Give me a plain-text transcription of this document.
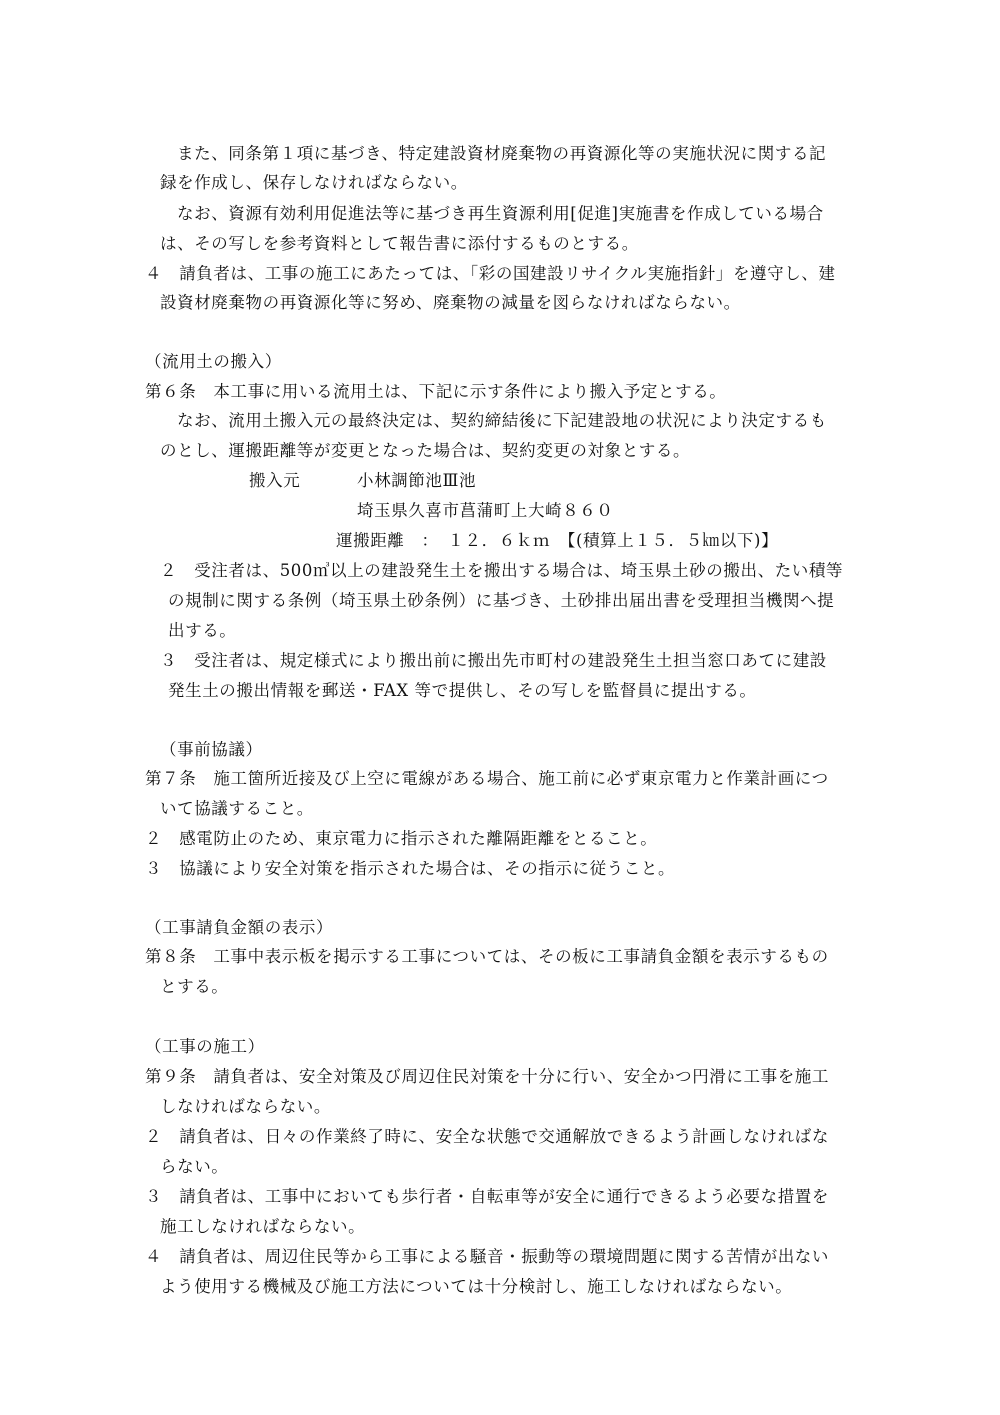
また、同条第１項に基づき、特定建設資材廃棄物の再資源化等の実施状況に関する記

録を作成し、保存しなければならない。

なお、資源有効利用促進法等に基づき再生資源利用[促進]実施書を作成している場合

は、その写しを参考資料として報告書に添付するものとする。

４　請負者は、工事の施工にあたっては、「彩の国建設リサイクル実施指針」を遵守し、建

設資材廃棄物の再資源化等に努め、廃棄物の減量を図らなければならない。

（流用土の搬入）

第６条　本工事に用いる流用土は、下記に示す条件により搬入予定とする。

なお、流用土搬入元の最終決定は、契約締結後に下記建設地の状況により決定するも

のとし、運搬距離等が変更となった場合は、契約変更の対象とする。

搬入元	小林調節池Ⅲ池

埼玉県久喜市菖蒲町上大崎８６０

運搬距離　：　１２．６ｋｍ　【(積算上１５．５㎞以下)】

２　受注者は、500㎥以上の建設発生土を搬出する場合は、埼玉県土砂の搬出、たい積等

の規制に関する条例（埼玉県土砂条例）に基づき、土砂排出届出書を受理担当機関へ提

出する。

３　受注者は、規定様式により搬出前に搬出先市町村の建設発生土担当窓口あてに建設

発生土の搬出情報を郵送・FAX 等で提供し、その写しを監督員に提出する。

（事前協議）

第７条　施工箇所近接及び上空に電線がある場合、施工前に必ず東京電力と作業計画につ

いて協議すること。

２　感電防止のため、東京電力に指示された離隔距離をとること。

３　協議により安全対策を指示された場合は、その指示に従うこと。

（工事請負金額の表示）

第８条　工事中表示板を掲示する工事については、その板に工事請負金額を表示するもの

とする。

（工事の施工）

第９条　請負者は、安全対策及び周辺住民対策を十分に行い、安全かつ円滑に工事を施工

しなければならない。

２　請負者は、日々の作業終了時に、安全な状態で交通解放できるよう計画しなければな

らない。

３　請負者は、工事中においても歩行者・自転車等が安全に通行できるよう必要な措置を

施工しなければならない。

４　請負者は、周辺住民等から工事による騒音・振動等の環境問題に関する苦情が出ない

よう使用する機械及び施工方法については十分検討し、施工しなければならない。
